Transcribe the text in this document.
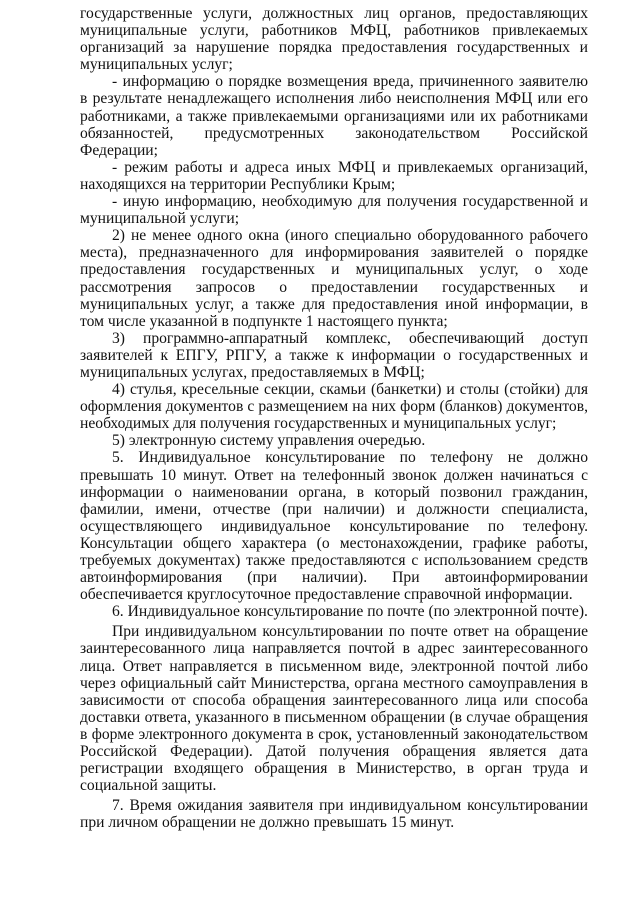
государственные услуги, должностных лиц органов, предоставляющих муниципальные услуги, работников МФЦ, работников привлекаемых организаций за нарушение порядка предоставления государственных и муниципальных услуг;

- информацию о порядке возмещения вреда, причиненного заявителю в результате ненадлежащего исполнения либо неисполнения МФЦ или его работниками, а также привлекаемыми организациями или их работниками обязанностей, предусмотренных законодательством Российской Федерации;

- режим работы и адреса иных МФЦ и привлекаемых организаций, находящихся на территории Республики Крым;

- иную информацию, необходимую для получения государственной и муниципальной услуги;

2) не менее одного окна (иного специально оборудованного рабочего места), предназначенного для информирования заявителей о порядке предоставления государственных и муниципальных услуг, о ходе рассмотрения запросов о предоставлении государственных и муниципальных услуг, а также для предоставления иной информации, в том числе указанной в подпункте 1 настоящего пункта;

3) программно-аппаратный комплекс, обеспечивающий доступ заявителей к ЕПГУ, РПГУ, а также к информации о государственных и муниципальных услугах, предоставляемых в МФЦ;

4) стулья, кресельные секции, скамьи (банкетки) и столы (стойки) для оформления документов с размещением на них форм (бланков) документов, необходимых для получения государственных и муниципальных услуг;

5) электронную систему управления очередью.

5. Индивидуальное консультирование по телефону не должно превышать 10 минут. Ответ на телефонный звонок должен начинаться с информации о наименовании органа, в который позвонил гражданин, фамилии, имени, отчестве (при наличии) и должности специалиста, осуществляющего индивидуальное консультирование по телефону. Консультации общего характера (о местонахождении, графике работы, требуемых документах) также предоставляются с использованием средств автоинформирования (при наличии). При автоинформировании обеспечивается круглосуточное предоставление справочной информации.

6. Индивидуальное консультирование по почте (по электронной почте).

При индивидуальном консультировании по почте ответ на обращение заинтересованного лица направляется почтой в адрес заинтересованного лица. Ответ направляется в письменном виде, электронной почтой либо через официальный сайт Министерства, органа местного самоуправления в зависимости от способа обращения заинтересованного лица или способа доставки ответа, указанного в письменном обращении (в случае обращения в форме электронного документа в срок, установленный законодательством Российской Федерации). Датой получения обращения является дата регистрации входящего обращения в Министерство, в орган труда и социальной защиты.

7. Время ожидания заявителя при индивидуальном консультировании при личном обращении не должно превышать 15 минут.
